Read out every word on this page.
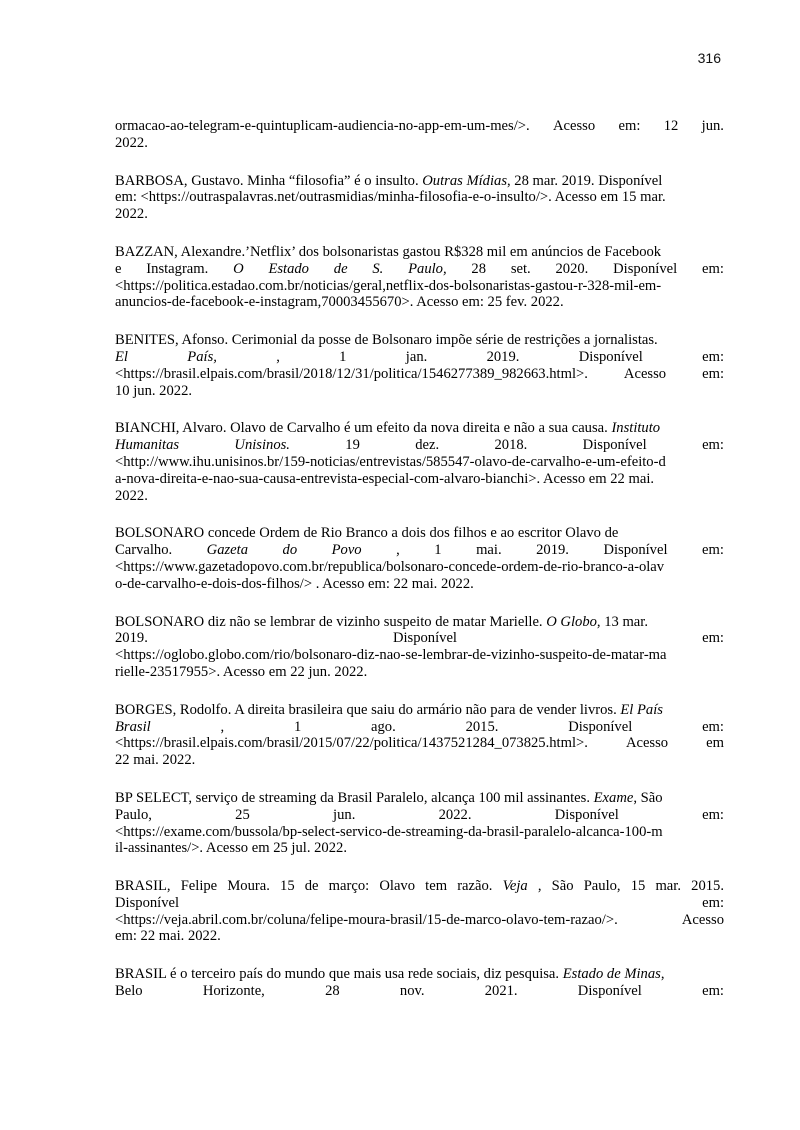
316
ormacao-ao-telegram-e-quintuplicam-audiencia-no-app-em-um-mes/>. Acesso em: 12 jun.
2022.
BARBOSA, Gustavo. Minha “filosofia” é o insulto. Outras Mídias, 28 mar. 2019. Disponível
em: <https://outraspalavras.net/outrasmidias/minha-filosofia-e-o-insulto/>. Acesso em 15 mar.
2022.
BAZZAN, Alexandre.’Netflix’ dos bolsonaristas gastou R$328 mil em anúncios de Facebook
e Instagram. O Estado de S. Paulo, 28 set. 2020. Disponível em:
<https://politica.estadao.com.br/noticias/geral,netflix-dos-bolsonaristas-gastou-r-328-mil-em-
anuncios-de-facebook-e-instagram,70003455670>. Acesso em: 25 fev. 2022.
BENITES, Afonso. Cerimonial da posse de Bolsonaro impõe série de restrições a jornalistas.
El	País,	,	1	jan.	2019.	Disponível	em:
<https://brasil.elpais.com/brasil/2018/12/31/politica/1546277389_982663.html>. Acesso em:
10 jun. 2022.
BIANCHI, Alvaro. Olavo de Carvalho é um efeito da nova direita e não a sua causa. Instituto
Humanitas	Unisinos.	19	dez.	2018.	Disponível	em:
<http://www.ihu.unisinos.br/159-noticias/entrevistas/585547-olavo-de-carvalho-e-um-efeito-d
a-nova-direita-e-nao-sua-causa-entrevista-especial-com-alvaro-bianchi>. Acesso em 22 mai.
2022.
BOLSONARO concede Ordem de Rio Branco a dois dos filhos e ao escritor Olavo de
Carvalho. Gazeta do Povo , 1 mai. 2019. Disponível em:
<https://www.gazetadopovo.com.br/republica/bolsonaro-concede-ordem-de-rio-branco-a-olav
o-de-carvalho-e-dois-dos-filhos/> . Acesso em: 22 mai. 2022.
BOLSONARO diz não se lembrar de vizinho suspeito de matar Marielle. O Globo, 13 mar.
2019.	Disponível	em:
<https://oglobo.globo.com/rio/bolsonaro-diz-nao-se-lembrar-de-vizinho-suspeito-de-matar-ma
rielle-23517955>. Acesso em 22 jun. 2022.
BORGES, Rodolfo. A direita brasileira que saiu do armário não para de vender livros. El País
Brasil	,	1	ago.	2015.	Disponível	em:
<https://brasil.elpais.com/brasil/2015/07/22/politica/1437521284_073825.html>.	Acesso	em
22 mai. 2022.
BP SELECT, serviço de streaming da Brasil Paralelo, alcança 100 mil assinantes. Exame, São
Paulo,	25	jun.	2022.	Disponível	em:
<https://exame.com/bussola/bp-select-servico-de-streaming-da-brasil-paralelo-alcanca-100-m
il-assinantes/>. Acesso em 25 jul. 2022.
BRASIL, Felipe Moura. 15 de março: Olavo tem razão. Veja , São Paulo, 15 mar. 2015.
Disponível	em:
<https://veja.abril.com.br/coluna/felipe-moura-brasil/15-de-marco-olavo-tem-razao/>.	Acesso
em: 22 mai. 2022.
BRASIL é o terceiro país do mundo que mais usa rede sociais, diz pesquisa. Estado de Minas,
Belo	Horizonte,	28	nov.	2021.	Disponível	em:
